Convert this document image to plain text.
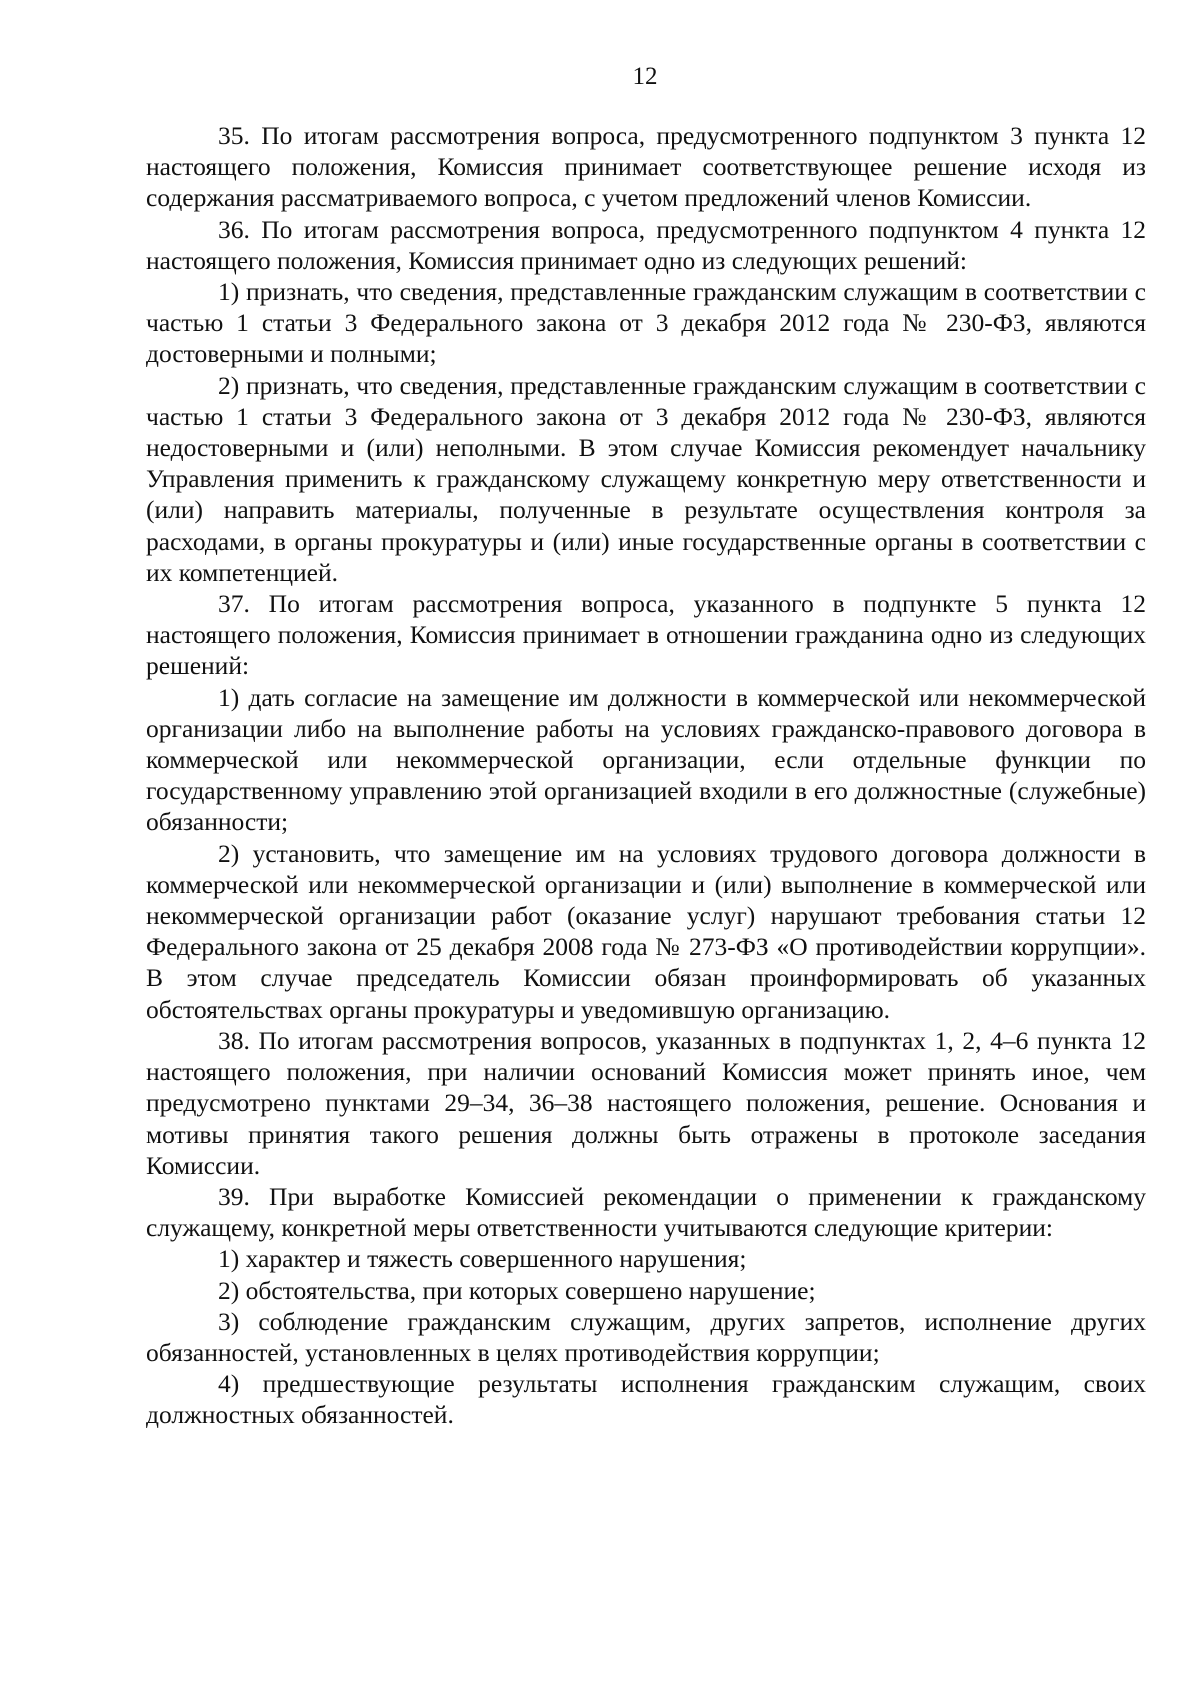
12

35. По итогам рассмотрения вопроса, предусмотренного подпунктом 3 пункта 12 настоящего положения, Комиссия принимает соответствующее решение исходя из содержания рассматриваемого вопроса, с учетом предложений членов Комиссии.

36. По итогам рассмотрения вопроса, предусмотренного подпунктом 4 пункта 12 настоящего положения, Комиссия принимает одно из следующих решений:

1) признать, что сведения, представленные гражданским служащим в соответствии с частью 1 статьи 3 Федерального закона от 3 декабря 2012 года № 230-ФЗ, являются достоверными и полными;

2) признать, что сведения, представленные гражданским служащим в соответствии с частью 1 статьи 3 Федерального закона от 3 декабря 2012 года № 230-ФЗ, являются недостоверными и (или) неполными. В этом случае Комиссия рекомендует начальнику Управления применить к гражданскому служащему конкретную меру ответственности и (или) направить материалы, полученные в результате осуществления контроля за расходами, в органы прокуратуры и (или) иные государственные органы в соответствии с их компетенцией.

37. По итогам рассмотрения вопроса, указанного в подпункте 5 пункта 12 настоящего положения, Комиссия принимает в отношении гражданина одно из следующих решений:

1) дать согласие на замещение им должности в коммерческой или некоммерческой организации либо на выполнение работы на условиях гражданско-правового договора в коммерческой или некоммерческой организации, если отдельные функции по государственному управлению этой организацией входили в его должностные (служебные) обязанности;

2) установить, что замещение им на условиях трудового договора должности в коммерческой или некоммерческой организации и (или) выполнение в коммерческой или некоммерческой организации работ (оказание услуг) нарушают требования статьи 12 Федерального закона от 25 декабря 2008 года № 273-ФЗ «О противодействии коррупции». В этом случае председатель Комиссии обязан проинформировать об указанных обстоятельствах органы прокуратуры и уведомившую организацию.

38. По итогам рассмотрения вопросов, указанных в подпунктах 1, 2, 4–6 пункта 12 настоящего положения, при наличии оснований Комиссия может принять иное, чем предусмотрено пунктами 29–34, 36–38 настоящего положения, решение. Основания и мотивы принятия такого решения должны быть отражены в протоколе заседания Комиссии.

39. При выработке Комиссией рекомендации о применении к гражданскому служащему, конкретной меры ответственности учитываются следующие критерии:

1) характер и тяжесть совершенного нарушения;

2) обстоятельства, при которых совершено нарушение;

3) соблюдение гражданским служащим, других запретов, исполнение других обязанностей, установленных в целях противодействия коррупции;

4) предшествующие результаты исполнения гражданским служащим, своих должностных обязанностей.
